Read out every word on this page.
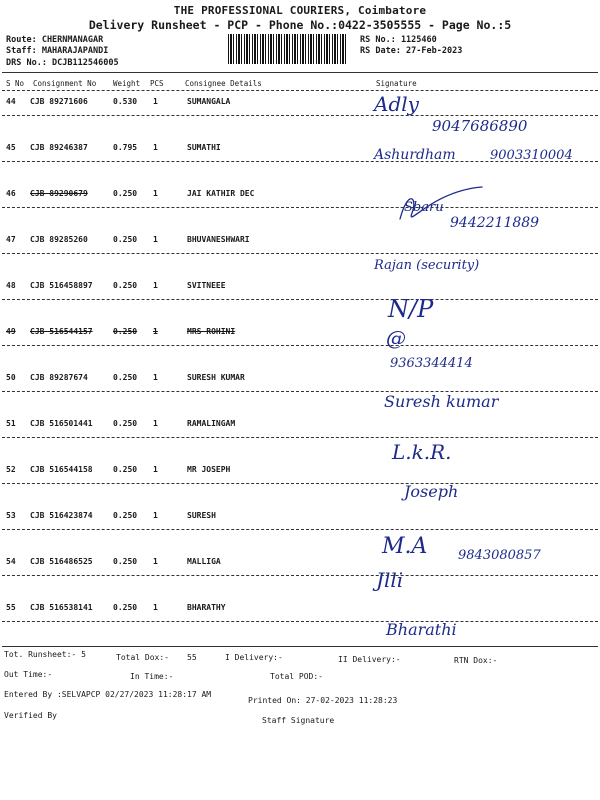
THE PROFESSIONAL COURIERS, Coimbatore
Delivery Runsheet - PCP - Phone No.:0422-3505555 - Page No.:5
Route: CHERNMANAGAR
Staff: MAHARAJAPANDI
DRS No.: DCJB112546005
RS No.: 1125460
RS Date: 27-Feb-2023
S No Consignment No Weight PCS	Consignee Details	Signature
44 CJB 89271606	0.530 1	SUMANGALA	Adly
9047686890
45 CJB 89246387	0.795 1	SUMATHI	Ashurdham	9003310004
46 CJB 89290679	0.250 1	JAI KATHIR DEC
Sbaru
9442211889
47 CJB 89285260	0.250 1	BHUVANESHWARI
Rajan (security)
48 CJB 516458897	0.250 1	SVITNEEE
N/P
49 CJB 516544157	0.250 1	MRS ROHINI	@
9363344414
50 CJB 89287674	0.250 1	SURESH KUMAR
Suresh kumar
51 CJB 516501441	0.250 1	RAMALINGAM
L.k.R.
52 CJB 516544158	0.250 1	MR JOSEPH
Joseph
53 CJB 516423874	0.250 1	SURESH
M.A 9843080857
54 CJB 516486525	0.250 1	MALLIGA
Jlli
55 CJB 516538141	0.250 1	BHARATHY
Bharathi
Tot. Runsheet:- 5	Total Dox:- 55	I Delivery:-	II Delivery:-	RTN Dox:-
Total POD:-
Out Time:-	In Time:-
Entered By :SELVAPCP 02/27/2023 11:28:17 AM
Printed On: 27-02-2023 11:28:23
Verified By
Staff Signature
